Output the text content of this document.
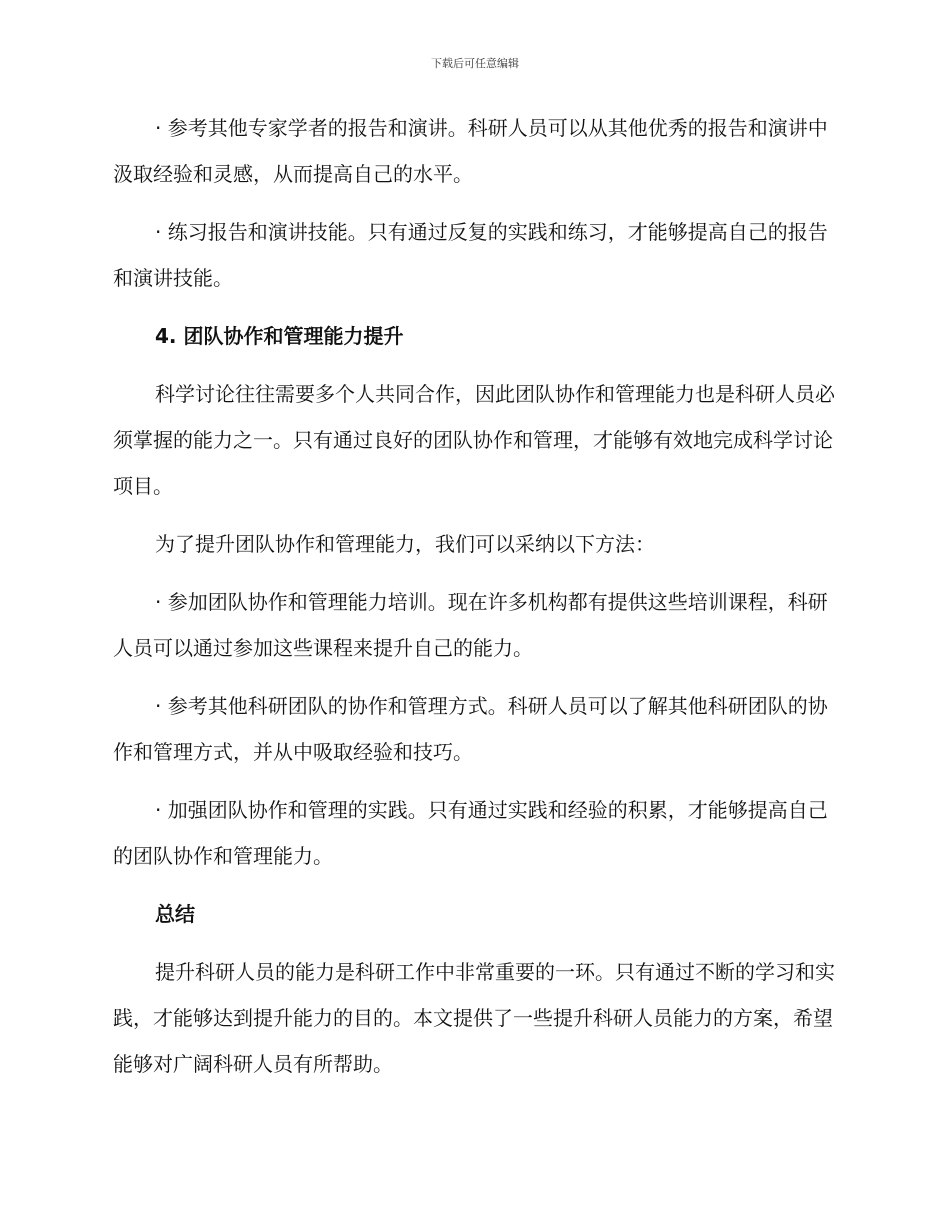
下载后可任意编辑

· 参考其他专家学者的报告和演讲。科研人员可以从其他优秀的报告和演讲中汲取经验和灵感，从而提高自己的水平。

· 练习报告和演讲技能。只有通过反复的实践和练习，才能够提高自己的报告和演讲技能。

4. 团队协作和管理能力提升

科学讨论往往需要多个人共同合作，因此团队协作和管理能力也是科研人员必须掌握的能力之一。只有通过良好的团队协作和管理，才能够有效地完成科学讨论项目。

为了提升团队协作和管理能力，我们可以采纳以下方法：

· 参加团队协作和管理能力培训。现在许多机构都有提供这些培训课程，科研人员可以通过参加这些课程来提升自己的能力。

· 参考其他科研团队的协作和管理方式。科研人员可以了解其他科研团队的协作和管理方式，并从中吸取经验和技巧。

· 加强团队协作和管理的实践。只有通过实践和经验的积累，才能够提高自己的团队协作和管理能力。

总结

提升科研人员的能力是科研工作中非常重要的一环。只有通过不断的学习和实践，才能够达到提升能力的目的。本文提供了一些提升科研人员能力的方案，希望能够对广阔科研人员有所帮助。
